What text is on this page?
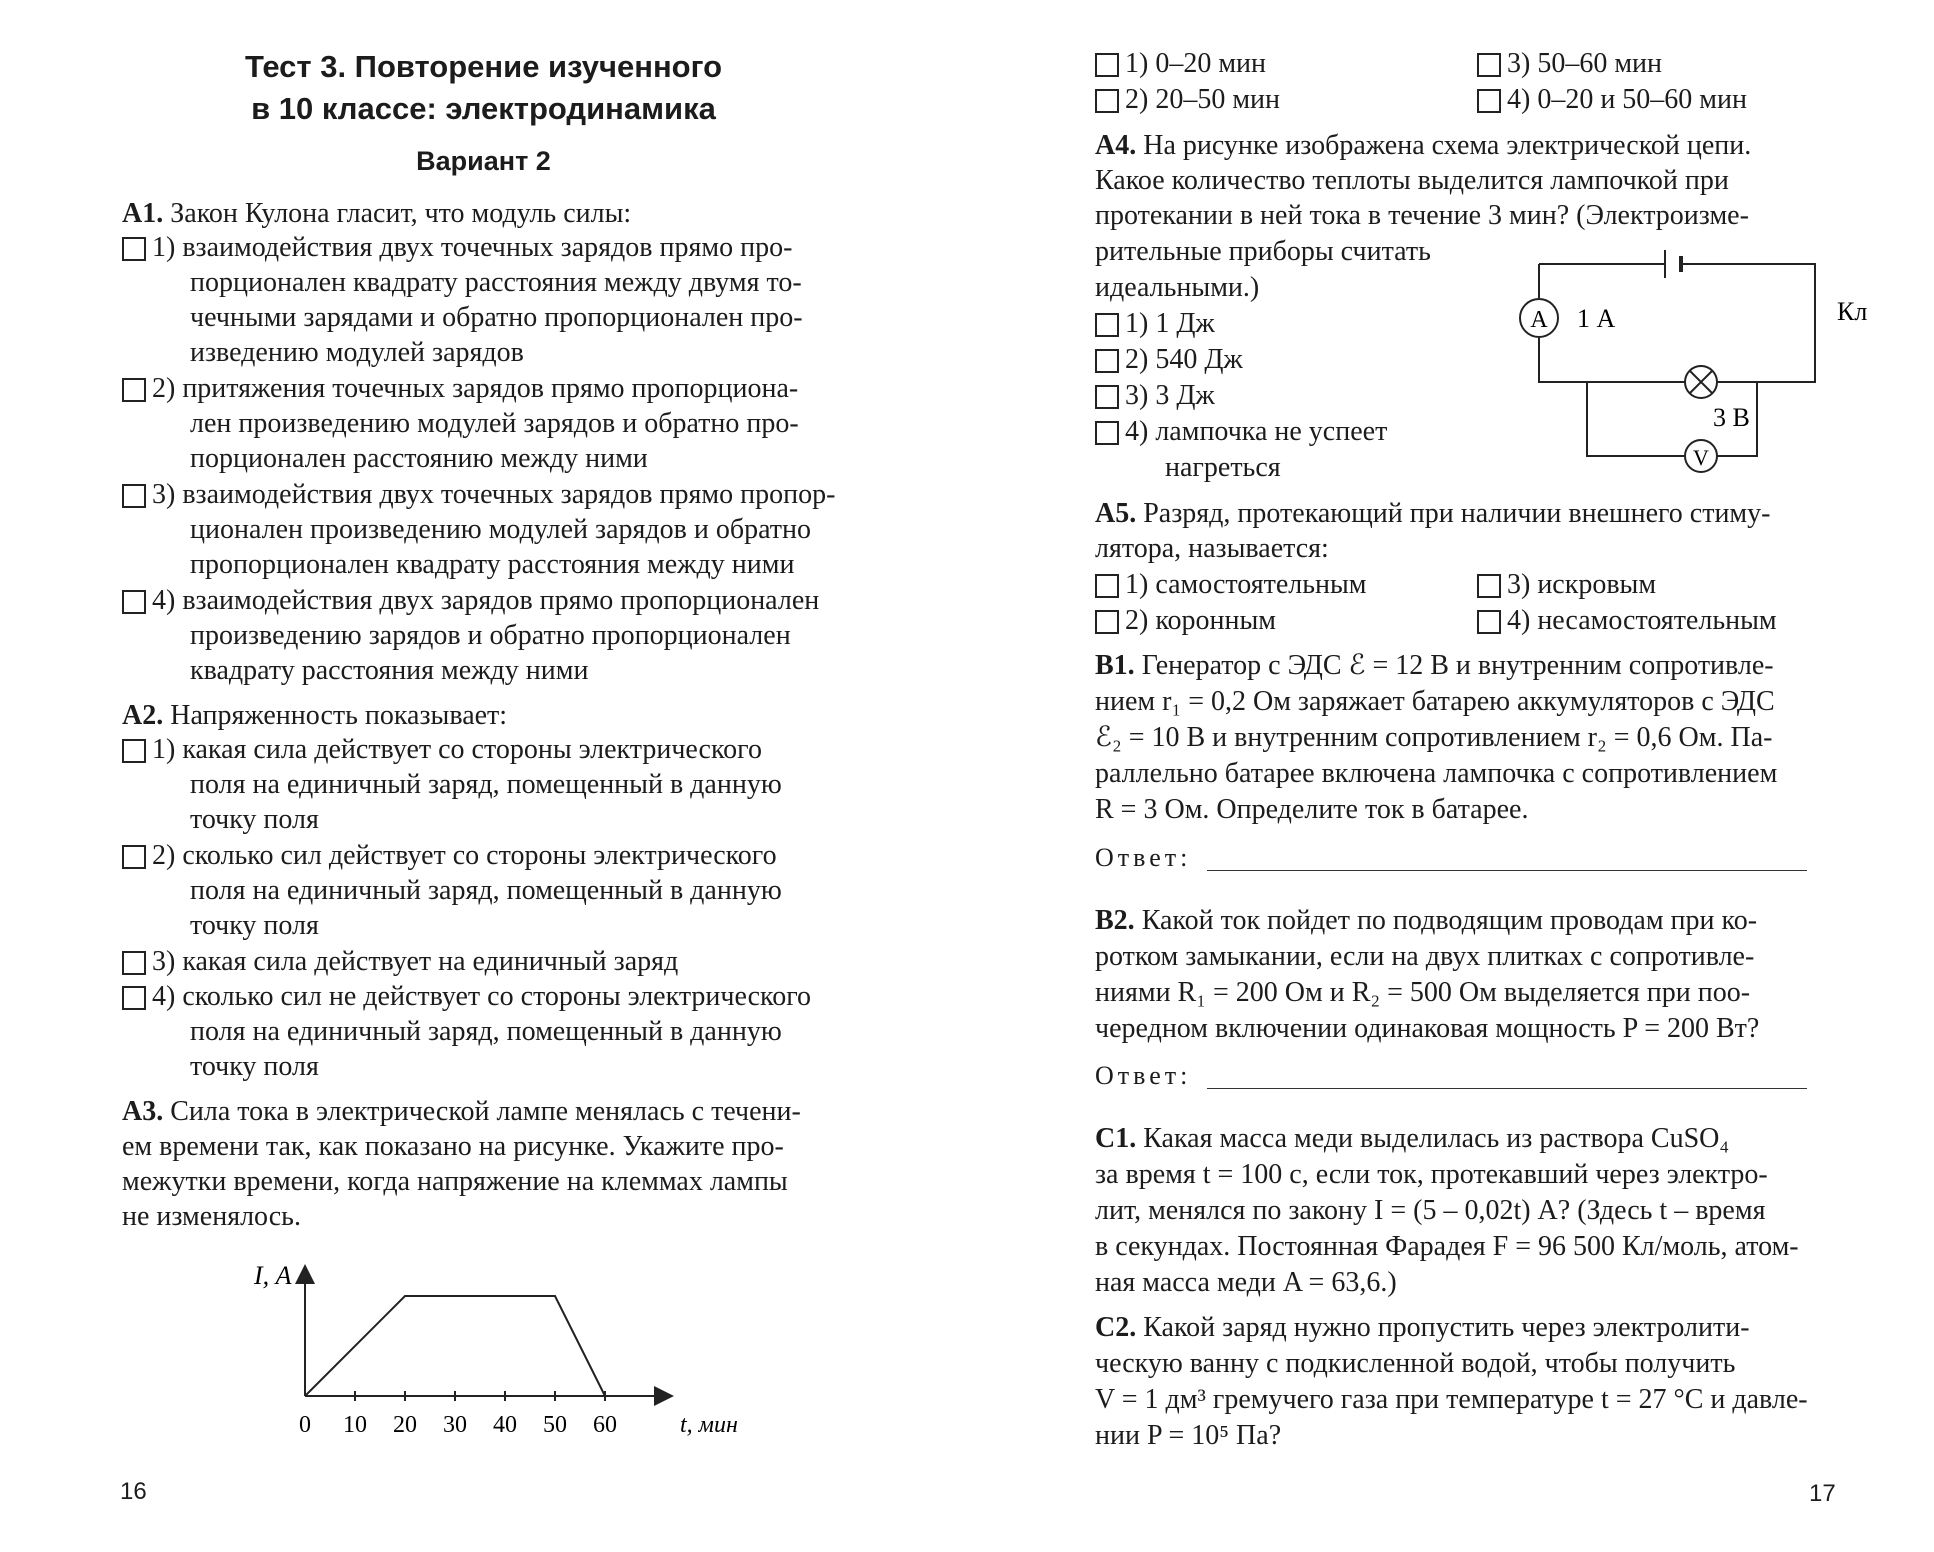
Тест 3. Повторение изученного
в 10 классе: электродинамика
Вариант 2
А1. Закон Кулона гласит, что модуль силы:
1) взаимодействия двух точечных зарядов прямо про-
порционален квадрату расстояния между двумя то-
чечными зарядами и обратно пропорционален про-
изведению модулей зарядов
2) притяжения точечных зарядов прямо пропорциона-
лен произведению модулей зарядов и обратно про-
порционален расстоянию между ними
3) взаимодействия двух точечных зарядов прямо пропор-
ционален произведению модулей зарядов и обратно
пропорционален квадрату расстояния между ними
4) взаимодействия двух зарядов прямо пропорционален
произведению зарядов и обратно пропорционален
квадрату расстояния между ними
А2. Напряженность показывает:
1) какая сила действует со стороны электрического
поля на единичный заряд, помещенный в данную
точку поля
2) сколько сил действует со стороны электрического
поля на единичный заряд, помещенный в данную
точку поля
3) какая сила действует на единичный заряд
4) сколько сил не действует со стороны электрического
поля на единичный заряд, помещенный в данную
точку поля
А3. Сила тока в электрической лампе менялась с течени-
ем времени так, как показано на рисунке. Укажите про-
межутки времени, когда напряжение на клеммах лампы
не изменялось.
I, А
t, мин
0 10 20 30 40 50 60
16
1) 0–20 мин
2) 20–50 мин
3) 50–60 мин
4) 0–20 и 50–60 мин
А4. На рисунке изображена схема электрической цепи.
Какое количество теплоты выделится лампочкой при
протекании в ней тока в течение 3 мин? (Электроизме-
рительные приборы считать
идеальными.)
1) 1 Дж
2) 540 Дж
3) 3 Дж
4) лампочка не успеет
нагреться
A 1 А	Кл
V
3 В
А5. Разряд, протекающий при наличии внешнего стиму-
лятора, называется:
1) самостоятельным
2) коронным
3) искровым
4) несамостоятельным
В1. Генератор с ЭДС ℰ = 12 В и внутренним сопротивле-
нием r₁ = 0,2 Ом заряжает батарею аккумуляторов с ЭДС
ℰ₂ = 10 В и внутренним сопротивлением r₂ = 0,6 Ом. Па-
раллельно батарее включена лампочка с сопротивлением
R = 3 Ом. Определите ток в батарее.
Ответ:
В2. Какой ток пойдет по подводящим проводам при ко-
ротком замыкании, если на двух плитках с сопротивле-
ниями R₁ = 200 Ом и R₂ = 500 Ом выделяется при поо-
чередном включении одинаковая мощность P = 200 Вт?
Ответ:
С1. Какая масса меди выделилась из раствора CuSO₄
за время t = 100 с, если ток, протекавший через электро-
лит, менялся по закону I = (5 – 0,02t) А? (Здесь t – время
в секундах. Постоянная Фарадея F = 96 500 Кл/моль, атом-
ная масса меди A = 63,6.)
С2. Какой заряд нужно пропустить через электролити-
ческую ванну с подкисленной водой, чтобы получить
V = 1 дм³ гремучего газа при температуре t = 27 °С и давле-
нии P = 10⁵ Па?
17
